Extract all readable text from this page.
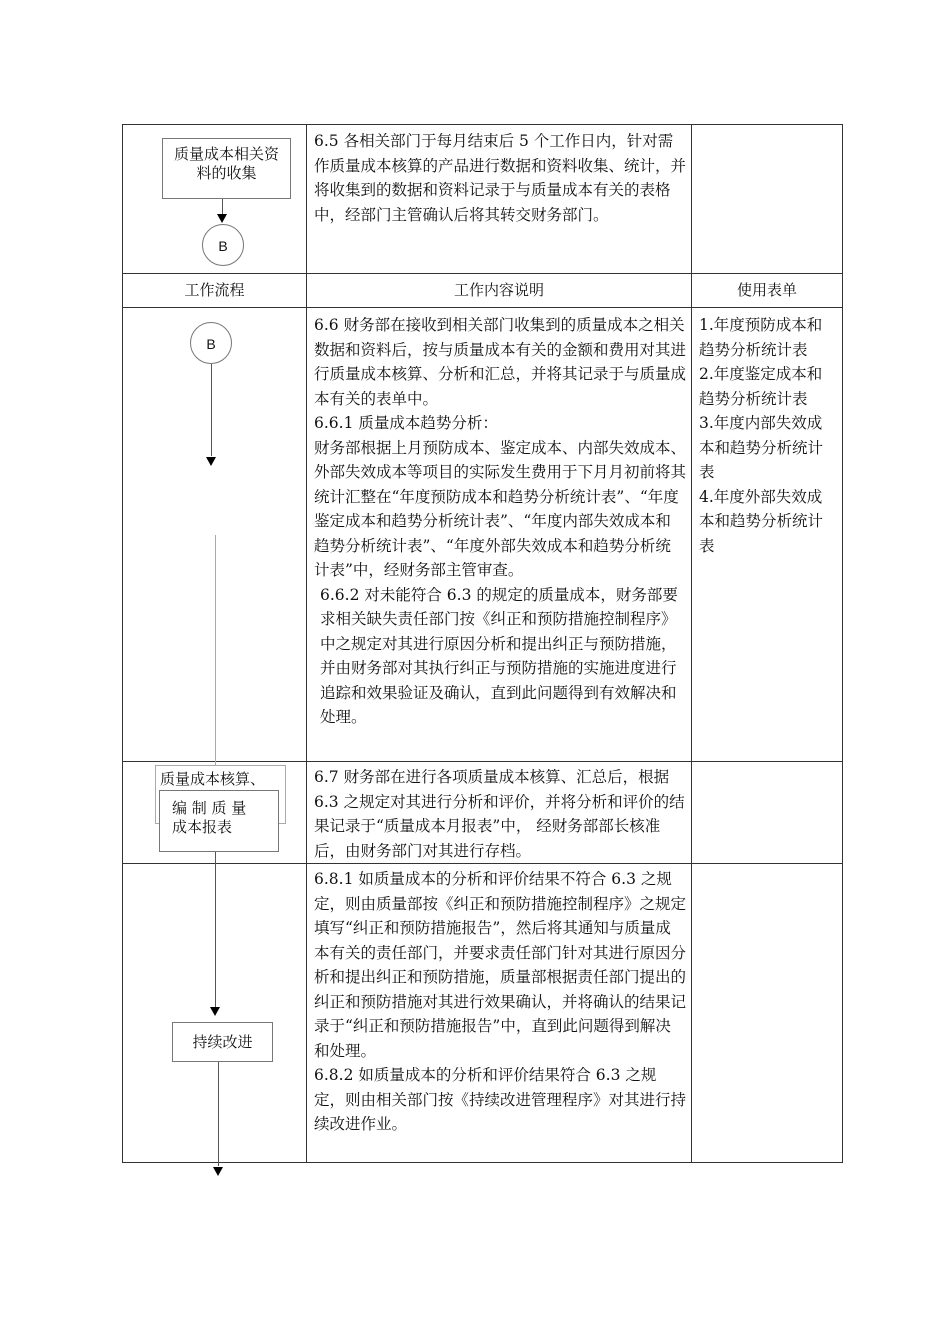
工作流程	工作内容说明	使用表单
质量成本相关资料的收集
B
6.5 各相关部门于每月结束后 5 个工作日内，针对需作质量成本核算的产品进行数据和资料收集、统计，并将收集到的数据和资料记录于与质量成本有关的表格中，经部门主管确认后将其转交财务部门。
B

6.6 财务部在接收到相关部门收集到的质量成本之相关数据和资料后，按与质量成本有关的金额和费用对其进行质量成本核算、分析和汇总，并将其记录于与质量成本有关的表单中。

6.6.1 质量成本趋势分析：

财务部根据上月预防成本、鉴定成本、内部失效成本、外部失效成本等项目的实际发生费用于下月月初前将其统计汇整在“年度预防成本和趋势分析统计表”、“年度鉴定成本和趋势分析统计表”、“年度内部失效成本和趋势分析统计表”、“年度外部失效成本和趋势分析统计表”中，经财务部主管审查。

6.6.2 对未能符合 6.3 的规定的质量成本，财务部要求相关缺失责任部门按《纠正和预防措施控制程序》中之规定对其进行原因分析和提出纠正与预防措施，并由财务部对其执行纠正与预防措施的实施进度进行追踪和效果验证及确认，直到此问题得到有效解决和处理。

1.年度预防成本和趋势分析统计表

2.年度鉴定成本和趋势分析统计表

3.年度内部失效成本和趋势分析统计表

4.年度外部失效成本和趋势分析统计表

质量成本核算、
编 制 质 量 成本报表
6.7 财务部在进行各项质量成本核算、汇总后，根据 6.3 之规定对其进行分析和评价，并将分析和评价的结果记录于“质量成本月报表”中， 经财务部部长核准后，由财务部门对其进行存档。
持续改进

6.8.1 如质量成本的分析和评价结果不符合 6.3 之规定，则由质量部按《纠正和预防措施控制程序》之规定填写“纠正和预防措施报告”，然后将其通知与质量成本有关的责任部门，并要求责任部门针对其进行原因分析和提出纠正和预防措施，质量部根据责任部门提出的纠正和预防措施对其进行效果确认，并将确认的结果记录于“纠正和预防措施报告”中，直到此问题得到解决和处理。

6.8.2 如质量成本的分析和评价结果符合 6.3 之规定，则由相关部门按《持续改进管理程序》对其进行持续改进作业。
